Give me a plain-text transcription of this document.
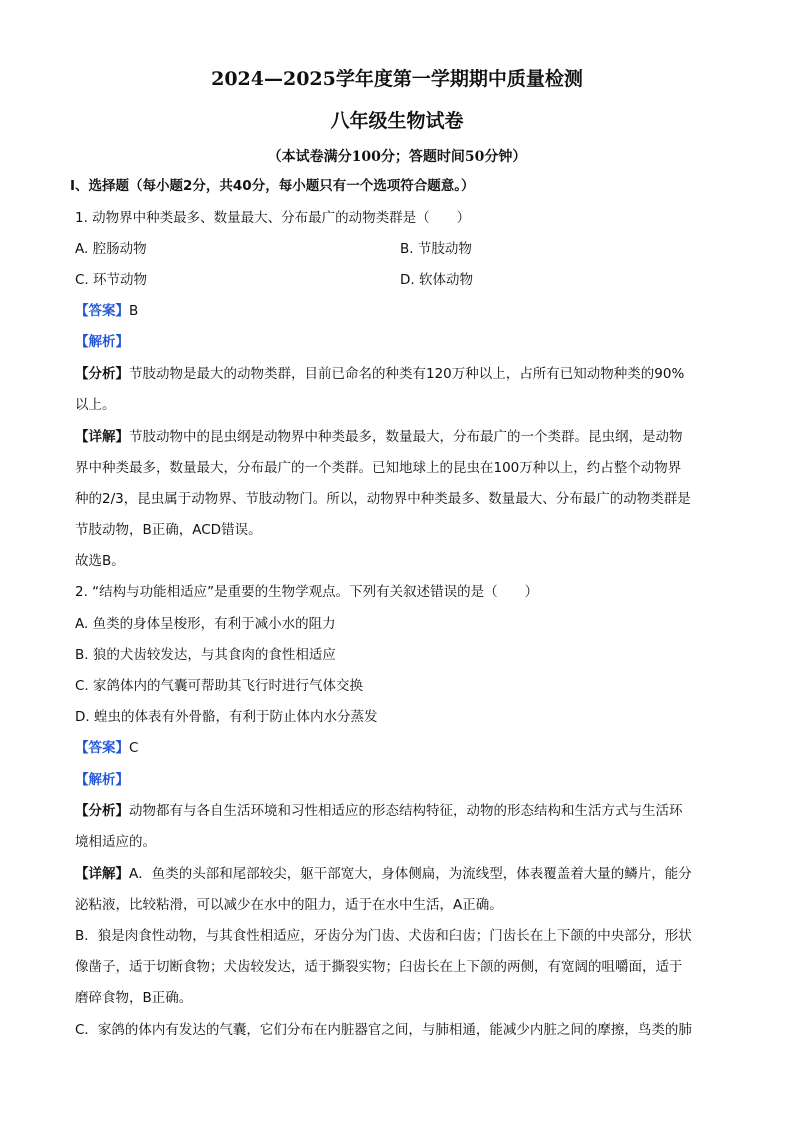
2024—2025学年度第一学期期中质量检测
八年级生物试卷
（本试卷满分100分；答题时间50分钟）
Ⅰ、选择题（每小题2分，共40分，每小题只有一个选项符合题意。）
1. 动物界中种类最多、数量最大、分布最广的动物类群是（　　）
A. 腔肠动物	B. 节肢动物
C. 环节动物	D. 软体动物
【答案】B
【解析】
【分析】节肢动物是最大的动物类群，目前已命名的种类有120万种以上，占所有已知动物种类的90%
以上。
【详解】节肢动物中的昆虫纲是动物界中种类最多，数量最大，分布最广的一个类群。昆虫纲，是动物
界中种类最多，数量最大，分布最广的一个类群。已知地球上的昆虫在100万种以上，约占整个动物界
种的2/3，昆虫属于动物界、节肢动物门。所以，动物界中种类最多、数量最大、分布最广的动物类群是
节肢动物，B正确，ACD错误。
故选B。
2. “结构与功能相适应”是重要的生物学观点。下列有关叙述错误的是（　　）
A. 鱼类的身体呈梭形，有利于减小水的阻力
B. 狼的犬齿较发达，与其食肉的食性相适应
C. 家鸽体内的气囊可帮助其飞行时进行气体交换
D. 蝗虫的体表有外骨骼，有利于防止体内水分蒸发
【答案】C
【解析】
【分析】动物都有与各自生活环境和习性相适应的形态结构特征，动物的形态结构和生活方式与生活环
境相适应的。
【详解】A．鱼类的头部和尾部较尖，躯干部宽大，身体侧扁，为流线型，体表覆盖着大量的鳞片，能分
泌粘液，比较粘滑，可以减少在水中的阻力，适于在水中生活，A正确。
B．狼是肉食性动物，与其食性相适应，牙齿分为门齿、犬齿和臼齿；门齿长在上下颌的中央部分，形状
像凿子，适于切断食物；犬齿较发达，适于撕裂实物；臼齿长在上下颌的两侧，有宽阔的咀嚼面，适于
磨碎食物，B正确。
C．家鸽的体内有发达的气囊，它们分布在内脏器官之间，与肺相通，能减少内脏之间的摩擦，鸟类的肺
